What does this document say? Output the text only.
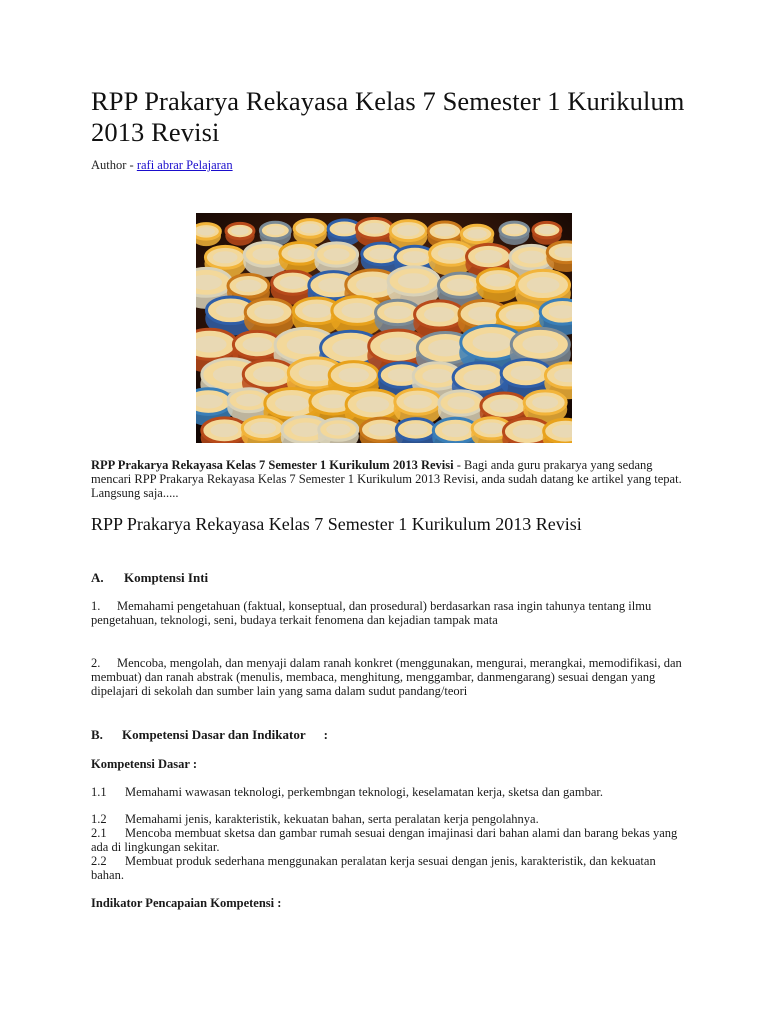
RPP Prakarya Rekayasa Kelas 7 Semester 1 Kurikulum 2013 Revisi
Author - rafi abrar Pelajaran

RPP Prakarya Rekayasa Kelas 7 Semester 1 Kurikulum 2013 Revisi - Bagi anda guru prakarya yang sedang mencari RPP Prakarya Rekayasa Kelas 7 Semester 1 Kurikulum 2013 Revisi, anda sudah datang ke artikel yang tepat. Langsung saja.....

RPP Prakarya Rekayasa Kelas 7 Semester 1 Kurikulum 2013 Revisi
A. Komptensi Inti

1. Memahami pengetahuan (faktual, konseptual, dan prosedural) berdasarkan rasa ingin tahunya tentang ilmu pengetahuan, teknologi, seni, budaya terkait fenomena dan kejadian tampak mata

2. Mencoba, mengolah, dan menyaji dalam ranah konkret (menggunakan, mengurai, merangkai, memodifikasi, dan membuat) dan ranah abstrak (menulis, membaca, menghitung, menggambar, danmengarang) sesuai dengan yang dipelajari di sekolah dan sumber lain yang sama dalam sudut pandang/teori

B. Kompetensi Dasar dan Indikator :

Kompetensi Dasar :

1.1 Memahami wawasan teknologi, perkembngan teknologi, keselamatan kerja, sketsa dan gambar.

1.2 Memahami jenis, karakteristik, kekuatan bahan, serta peralatan kerja pengolahnya.

2.1 Mencoba membuat sketsa dan gambar rumah sesuai dengan imajinasi dari bahan alami dan barang bekas yang ada di lingkungan sekitar.

2.2 Membuat produk sederhana menggunakan peralatan kerja sesuai dengan jenis, karakteristik, dan kekuatan bahan.

Indikator Pencapaian Kompetensi :
